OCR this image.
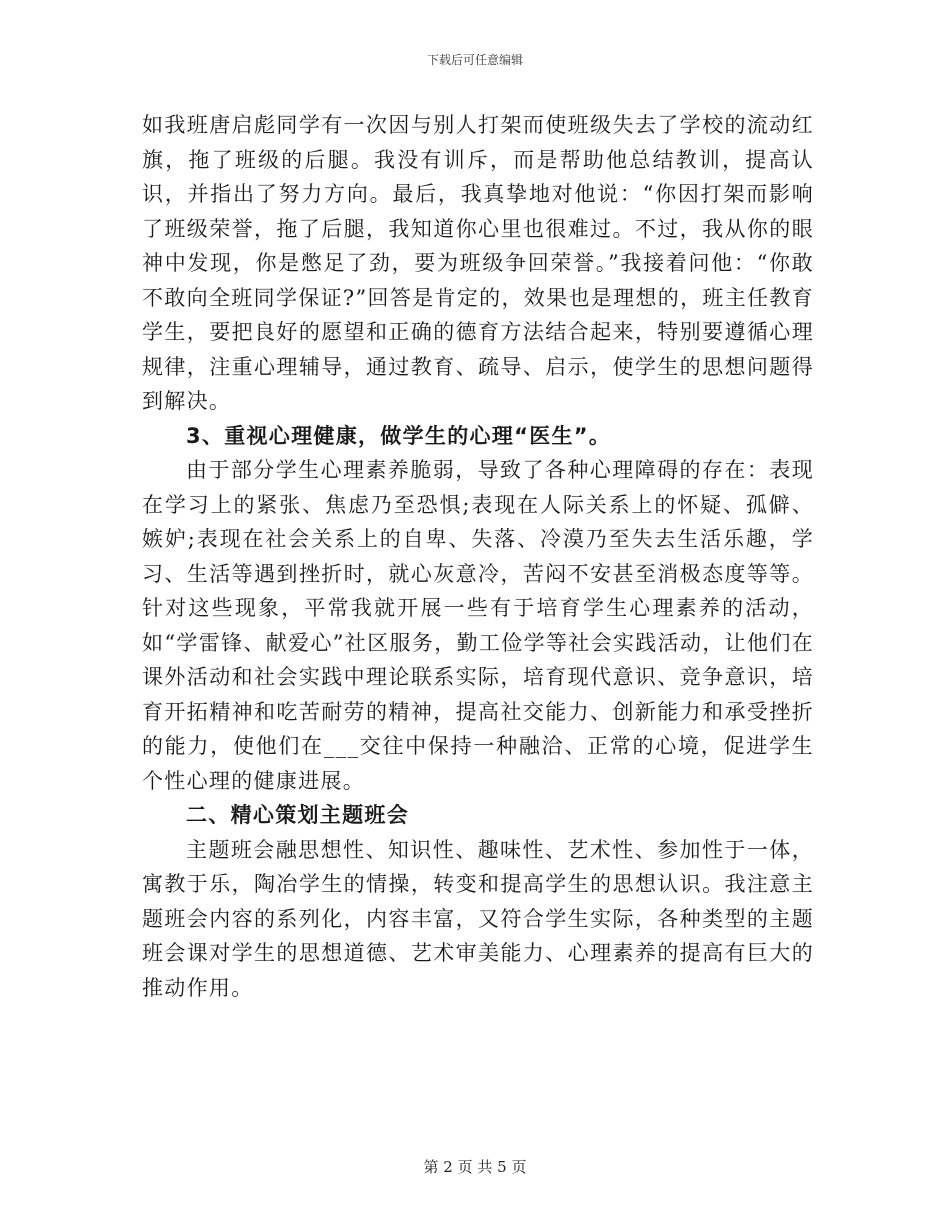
下载后可任意编辑

如我班唐启彪同学有一次因与别人打架而使班级失去了学校的流动红旗，拖了班级的后腿。我没有训斥，而是帮助他总结教训，提高认识，并指出了努力方向。最后，我真挚地对他说：“你因打架而影响了班级荣誉，拖了后腿，我知道你心里也很难过。不过，我从你的眼神中发现，你是憋足了劲，要为班级争回荣誉。”我接着问他：“你敢不敢向全班同学保证?”回答是肯定的，效果也是理想的，班主任教育学生，要把良好的愿望和正确的德育方法结合起来，特别要遵循心理规律，注重心理辅导，通过教育、疏导、启示，使学生的思想问题得到解决。

3、重视心理健康，做学生的心理“医生”。

由于部分学生心理素养脆弱，导致了各种心理障碍的存在：表现在学习上的紧张、焦虑乃至恐惧;表现在人际关系上的怀疑、孤僻、嫉妒;表现在社会关系上的自卑、失落、冷漠乃至失去生活乐趣，学习、生活等遇到挫折时，就心灰意冷，苦闷不安甚至消极态度等等。针对这些现象，平常我就开展一些有于培育学生心理素养的活动，如“学雷锋、献爱心”社区服务，勤工俭学等社会实践活动，让他们在课外活动和社会实践中理论联系实际，培育现代意识、竞争意识，培育开拓精神和吃苦耐劳的精神，提高社交能力、创新能力和承受挫折的能力，使他们在___交往中保持一种融洽、正常的心境，促进学生个性心理的健康进展。

二、精心策划主题班会

主题班会融思想性、知识性、趣味性、艺术性、参加性于一体，寓教于乐，陶冶学生的情操，转变和提高学生的思想认识。我注意主题班会内容的系列化，内容丰富，又符合学生实际，各种类型的主题班会课对学生的思想道德、艺术审美能力、心理素养的提高有巨大的推动作用。

第 2 页 共 5 页
